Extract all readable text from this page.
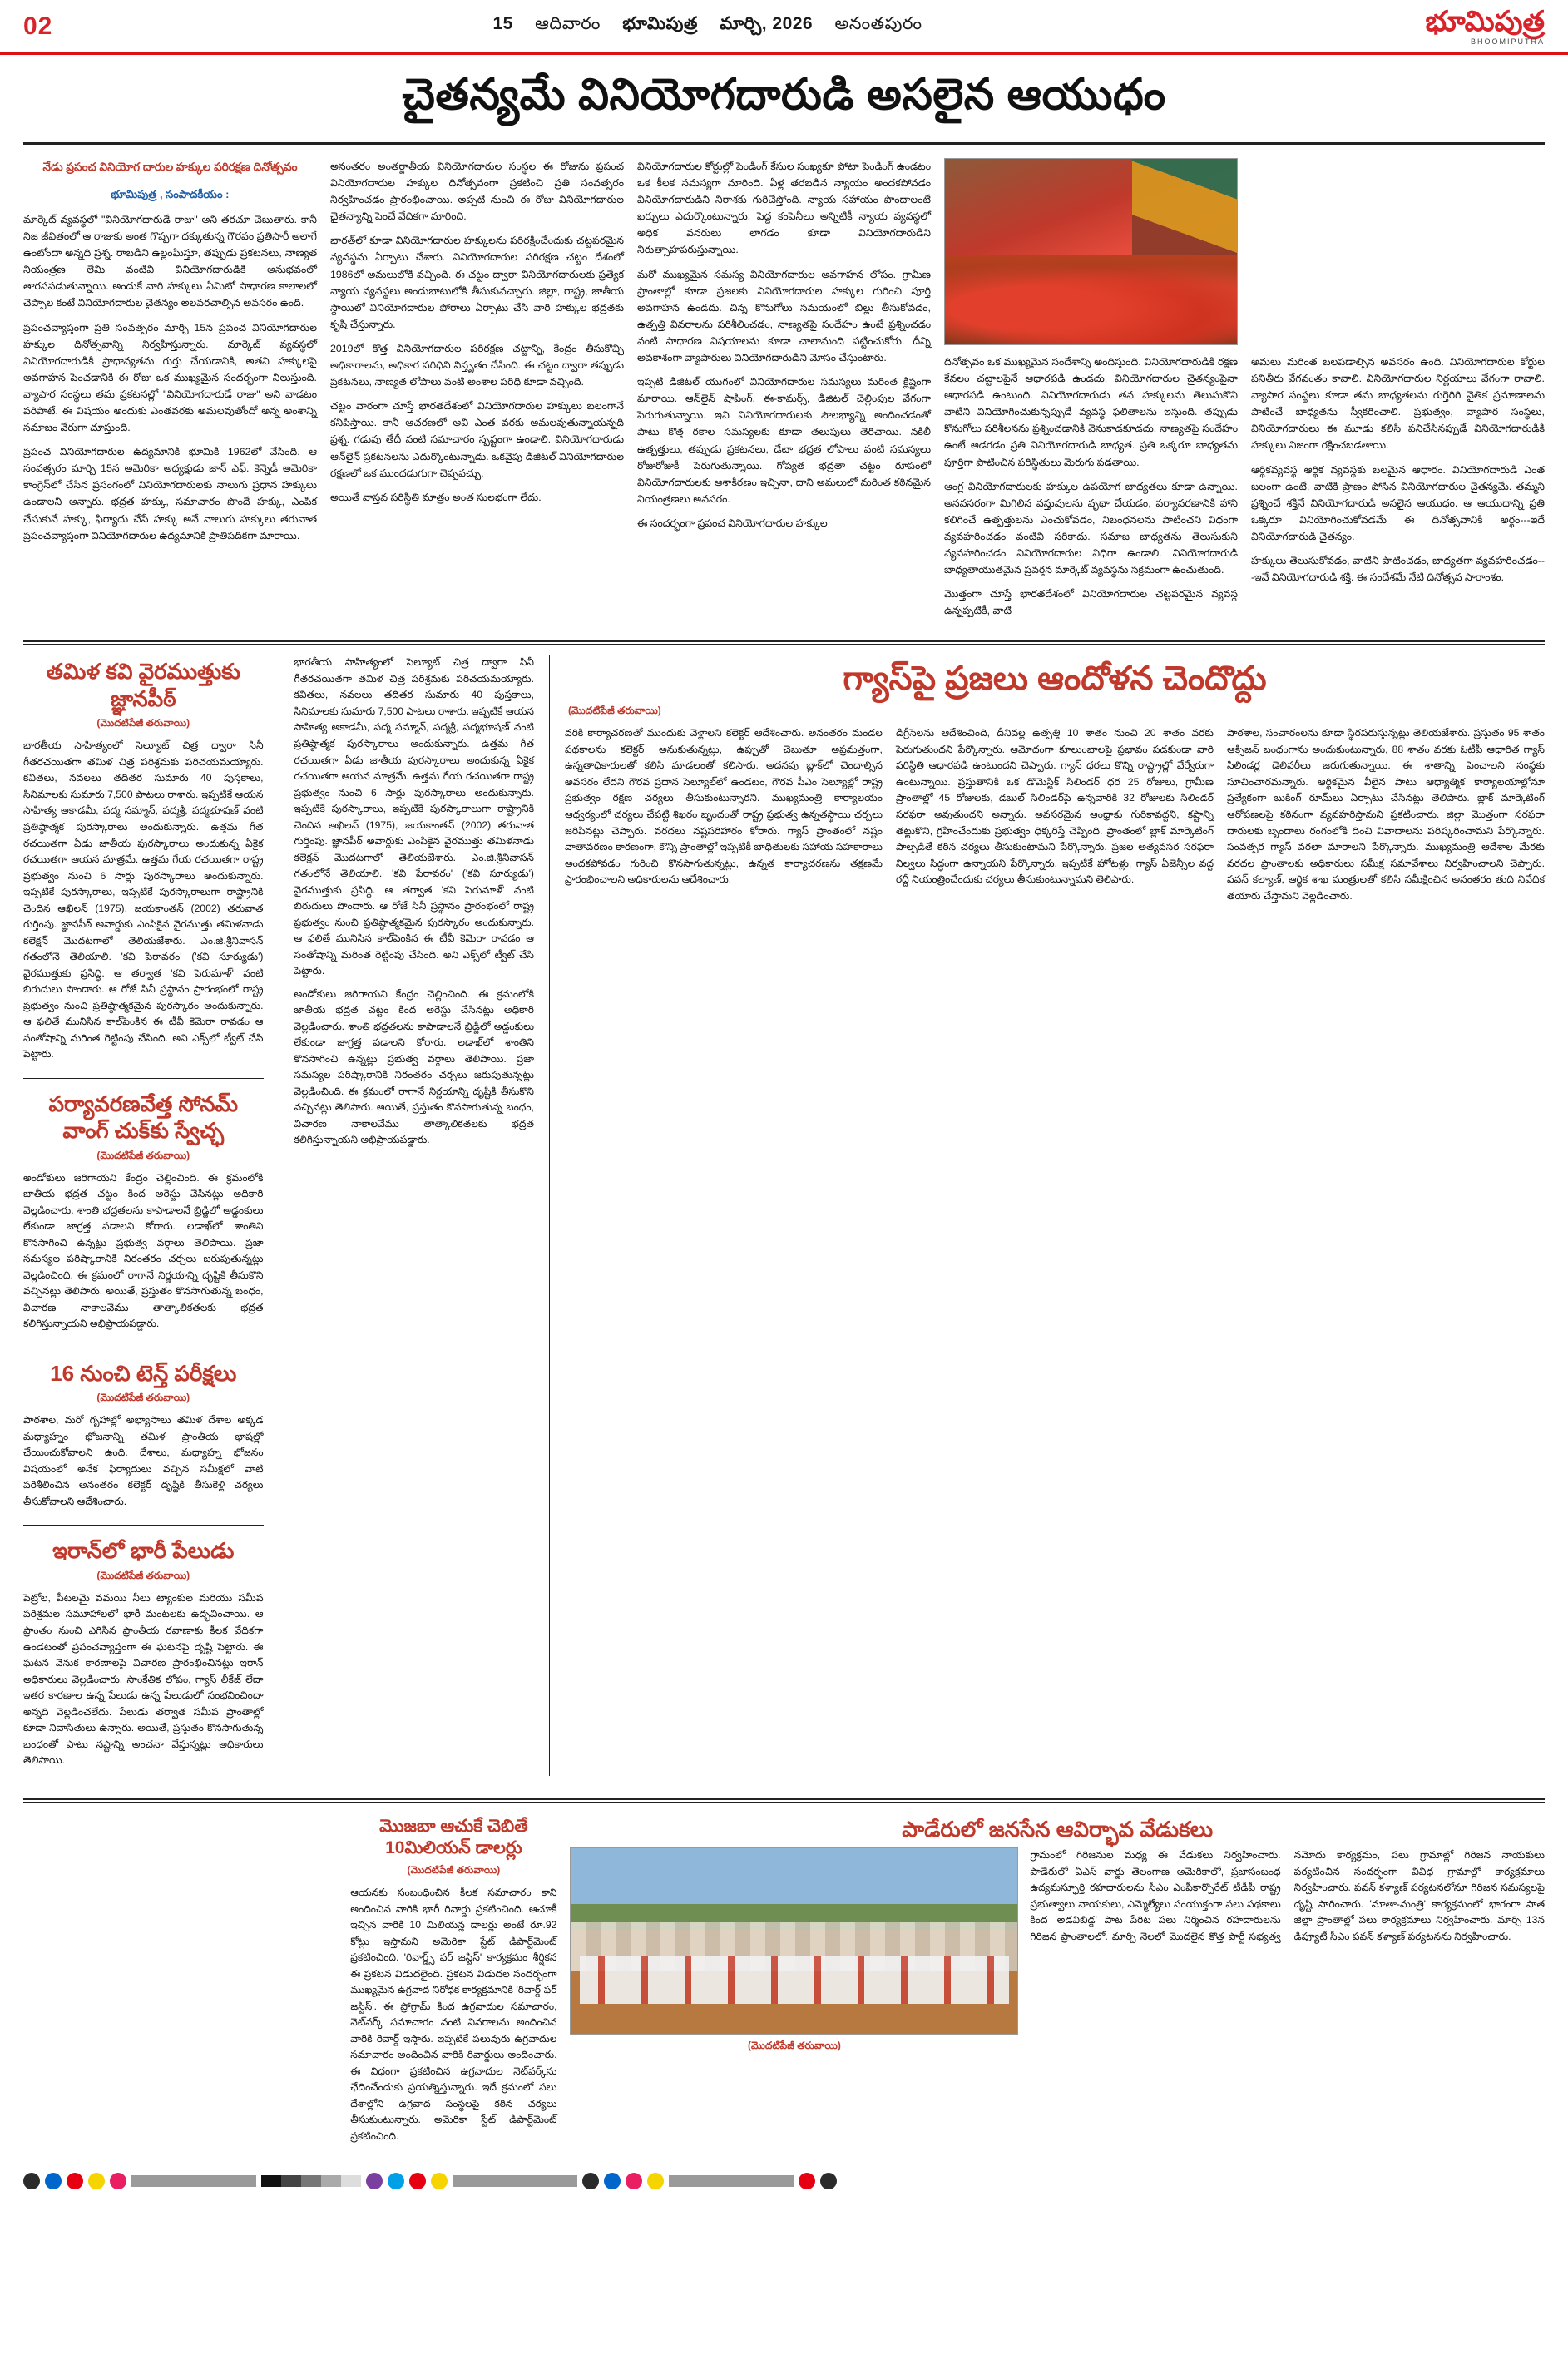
02	15 ఆదివారం భూమిపుత్ర మార్చి, 2026 అనంతపురం	భూమిపుత్ర
BHOOMIPUTRA
చైతన్యమే వినియోగదారుడి అసలైన ఆయుధం
నేడు ప్రపంచ వినియోగ దారుల హక్కుల పరిరక్షణ దినోత్సవం
భూమిపుత్ర , సంపాదకీయం :

మార్కెట్ వ్యవస్థలో "వినియోగదారుడే రాజు" అని తరచూ చెబుతారు. కానీ నిజ జీవితంలో ఆ రాజుకు అంత గొప్పగా దక్కుతున్న గౌరవం ప్రతిసారీ అలాగే ఉంటోందా అన్నది ప్రశ్న. రాబడిని ఉల్లంఘిస్తూ, తప్పుడు ప్రకటనలు, నాణ్యత నియంత్రణ లేమి వంటివి వినియోగదారుడికి అనుభవంలో తారసపడుతున్నాయి. అందుకే వారి హక్కులు ఏమిటో సాధారణ కాలాలలో చెప్పాల కంటే వినియోగదారుల చైతన్యం అలవరచాల్సిన అవసరం ఉంది.

ప్రపంచవ్యాప్తంగా ప్రతి సంవత్సరం మార్చి 15న ప్రపంచ వినియోగదారుల హక్కుల దినోత్సవాన్ని నిర్వహిస్తున్నారు. మార్కెట్ వ్యవస్థలో వినియోగదారుడికి ప్రాధాన్యతను గుర్తు చేయడానికి, అతని హక్కులపై అవగాహన పెంచడానికి ఈ రోజు ఒక ముఖ్యమైన సందర్భంగా నిలుస్తుంది. వ్యాపార సంస్థలు తమ ప్రకటనల్లో "వినియోగదారుడే రాజు" అని వాడటం పరిపాటే. ఈ విషయం అందుకు ఎంతవరకు అమలవుతోందో అన్న అంశాన్ని సమాజం వేరుగా చూస్తుంది.

ప్రపంచ వినియోగదారుల ఉద్యమానికి భూమికి 1962లో వేసింది. ఆ సంవత్సరం మార్చి 15న అమెరికా అధ్యక్షుడు జాన్ ఎఫ్. కెన్నెడీ అమెరికా కాంగ్రెస్‌లో చేసిన ప్రసంగంలో వినియోగదారులకు నాలుగు ప్రధాన హక్కులు ఉండాలని అన్నారు. భద్రత హక్కు, సమాచారం పొందే హక్కు, ఎంపిక చేసుకునే హక్కు, ఫిర్యాదు చేసే హక్కు అనే నాలుగు హక్కులు తరువాత ప్రపంచవ్యాప్తంగా వినియోగదారుల ఉద్యమానికి ప్రాతిపదికగా మారాయి.

అనంతరం అంతర్జాతీయ వినియోగదారుల సంస్థల ఈ రోజును ప్రపంచ వినియోగదారుల హక్కుల దినోత్సవంగా ప్రకటించి ప్రతి సంవత్సరం నిర్వహించడం ప్రారంభించాయి. అప్పటి నుంచి ఈ రోజు వినియోగదారుల చైతన్యాన్ని పెంచే వేదికగా మారింది.

భారత్‌లో కూడా వినియోగదారుల హక్కులను పరిరక్షించేందుకు చట్టపరమైన వ్యవస్థను ఏర్పాటు చేశారు. వినియోగదారుల పరిరక్షణ చట్టం దేశంలో 1986లో అమలులోకి వచ్చింది. ఈ చట్టం ద్వారా వినియోగదారులకు ప్రత్యేక న్యాయ వ్యవస్థలు అందుబాటులోకి తీసుకువచ్చారు. జిల్లా, రాష్ట్ర, జాతీయ స్థాయిలో వినియోగదారుల ఫోరాలు ఏర్పాటు చేసి వారి హక్కుల భద్రతకు కృషి చేస్తున్నారు.

2019లో కొత్త వినియోగదారుల పరిరక్షణ చట్టాన్ని, కేంద్రం తీసుకొచ్చి అధికారాలను, అధికార పరిధిని విస్తృతం చేసింది. ఈ చట్టం ద్వారా తప్పుడు ప్రకటనలు, నాణ్యత లోపాలు వంటి అంశాల పరిధి కూడా వచ్చింది.

చట్టం వారంగా చూస్తే భారతదేశంలో వినియోగదారుల హక్కులు బలంగానే కనిపిస్తాయి. కానీ ఆచరణలో అవి ఎంత వరకు అమలవుతున్నాయన్నది ప్రశ్న. గడువు తేదీ వంటి సమాచారం స్పష్టంగా ఉండాలి. వినియోగదారుడు ఆన్‌లైన్ ప్రకటనలను ఎదుర్కొంటున్నాడు. ఒకవైపు డిజిటల్ వినియోగదారుల రక్షణలో ఒక ముందడుగుగా చెప్పవచ్చు.

అయితే వాస్తవ పరిస్థితి మాత్రం అంత సులభంగా లేదు.

వినియోగదారుల కోర్టుల్లో పెండింగ్ కేసుల సంఖ్యకూ పోటా పెండింగ్ ఉండటం ఒక కీలక సమస్యగా మారింది. ఏళ్ల తరబడిన న్యాయం అందకపోవడం వినియోగదారుడిని నిరాశకు గురిచేస్తోంది. న్యాయ సహాయం పొందాలంటే ఖర్చులు ఎదుర్కొంటున్నారు. పెద్ద కంపెనీలు అన్నిటికీ న్యాయ వ్యవస్థలో అధిక వనరులు లాగడం కూడా వినియోగదారుడిని నిరుత్సాహపరుస్తున్నాయి.

మరో ముఖ్యమైన సమస్య వినియోగదారుల అవగాహన లోపం. గ్రామీణ ప్రాంతాల్లో కూడా ప్రజలకు వినియోగదారుల హక్కుల గురించి పూర్తి అవగాహన ఉండదు. చిన్న కొనుగోలు సమయంలో బిల్లు తీసుకోవడం, ఉత్పత్తి వివరాలను పరిశీలించడం, నాణ్యతపై సందేహం ఉంటే ప్రశ్నించడం వంటి సాధారణ విషయాలను కూడా చాలామంది పట్టించుకోరు. దీన్ని అవకాశంగా వ్యాపారులు వినియోగదారుడిని మోసం చేస్తుంటారు.

ఇప్పటి డిజిటల్ యుగంలో వినియోగదారుల సమస్యలు మరింత క్లిష్టంగా మారాయి. ఆన్‌లైన్ షాపింగ్, ఈ-కామర్స్, డిజిటల్ చెల్లింపుల వేగంగా పెరుగుతున్నాయి. ఇవి వినియోగదారులకు సౌలభ్యాన్ని అందించడంతో పాటు కొత్త రకాల సమస్యలకు కూడా తలుపులు తెరిచాయి. నకిలీ ఉత్పత్తులు, తప్పుడు ప్రకటనలు, డేటా భద్రత లోపాలు వంటి సమస్యలు రోజురోజుకీ పెరుగుతున్నాయి. గోప్యత భద్రతా చట్టం రూపంలో వినియోగదారులకు ఆశాకిరణం ఇచ్చినా, దాని అమలులో మరింత కఠినమైన నియంత్రణలు అవసరం.

ఈ సందర్భంగా ప్రపంచ వినియోగదారుల హక్కుల

దినోత్సవం ఒక ముఖ్యమైన సందేశాన్ని అందిస్తుంది. వినియోగదారుడికి రక్షణ కేవలం చట్టాలపైనే ఆధారపడి ఉండదు, వినియోగదారుల చైతన్యంపైనా ఆధారపడి ఉంటుంది. వినియోగదారుడు తన హక్కులను తెలుసుకొని వాటిని వినియోగించుకున్నప్పుడే వ్యవస్థ ఫలితాలను ఇస్తుంది. తప్పుడు కొనుగోలు పరిశీలనను ప్రశ్నించడానికి వెనుకాడకూడదు. నాణ్యతపై సందేహం ఉంటే అడగడం ప్రతి వినియోగదారుడి బాధ్యత. ప్రతి ఒక్కరూ బాధ్యతను పూర్తిగా పాటించిన పరిస్థితులు మెరుగు పడతాయి.

ఆంగ్ల వినియోగదారులకు హక్కుల ఉపయోగ బాధ్యతలు కూడా ఉన్నాయి. అనవసరంగా మిగిలిన వస్తువులను వృథా చేయడం, పర్యావరణానికి హాని కలిగించే ఉత్పత్తులను ఎంచుకోవడం, నిబంధనలను పాటించని విధంగా వ్యవహరించడం వంటివి సరికాదు. సమాజ బాధ్యతను తెలుసుకుని వ్యవహరించడం వినియోగదారుల విధిగా ఉండాలి. వినియోగదారుడి బాధ్యతాయుతమైన ప్రవర్తన మార్కెట్ వ్యవస్థను సక్రమంగా ఉంచుతుంది.

మొత్తంగా చూస్తే భారతదేశంలో వినియోగదారుల చట్టపరమైన వ్యవస్థ ఉన్నప్పటికీ, వాటి

అమలు మరింత బలపడాల్సిన అవసరం ఉంది. వినియోగదారుల కోర్టుల పనితీరు వేగవంతం కావాలి. వినియోగదారుల నిర్ణయాలు వేగంగా రావాలి. వ్యాపార సంస్థలు కూడా తమ బాధ్యతలను గుర్తెరిగి నైతిక ప్రమాణాలను పాటించే బాధ్యతను స్వీకరించాలి. ప్రభుత్వం, వ్యాపార సంస్థలు, వినియోగదారులు ఈ మూడు కలిసి పనిచేసినప్పుడే వినియోగదారుడికి హక్కులు నిజంగా రక్షించబడతాయి.

ఆర్థికవ్యవస్థ ఆర్థిక వ్యవస్థకు బలమైన ఆధారం. వినియోగదారుడి ఎంత బలంగా ఉంటే, వాటికి ప్రాణం పోసిన వినియోగదారుల చైతన్యమే. తమ్మని ప్రశ్నించే శక్తినే వినియోగదారుడి అసలైన ఆయుధం. ఆ ఆయుధాన్ని ప్రతి ఒక్కరూ వినియోగించుకోవడమే ఈ దినోత్సవానికి అర్థం---ఇదే వినియోగదారుడి చైతన్యం.

హక్కులు తెలుసుకోవడం, వాటిని పాటించడం, బాధ్యతగా వ్యవహరించడం---ఇవే వినియోగదారుడి శక్తి. ఈ సందేశమే నేటి దినోత్సవ సారాంశం.

తమిళ కవి వైరముత్తుకు జ్ఞానపీఠ్
(మొదటిపేజీ తరువాయి)

భారతీయ సాహిత్యంలో సెల్యూట్ చిత్ర ద్వారా సినీ గీతరచయితగా తమిళ చిత్ర పరిశ్రమకు పరిచయమయ్యారు. కవితలు, నవలలు తదితర సుమారు 40 పుస్తకాలు, సినిమాలకు సుమారు 7,500 పాటలు రాశారు. ఇప్పటికే ఆయన సాహిత్య అకాడమీ, పద్మ సమ్మాన్, పద్మశ్రీ, పద్మభూషణ్ వంటి ప్రతిష్ఠాత్మక పురస్కారాలు అందుకున్నారు. ఉత్తమ గీత రచయితగా ఏడు జాతీయ పురస్కారాలు అందుకున్న ఏకైక రచయితగా ఆయన మాత్రమే. ఉత్తమ గేయ రచయితగా రాష్ట్ర ప్రభుత్వం నుంచి 6 సార్లు పురస్కారాలు అందుకున్నారు. ఇప్పటికే పురస్కారాలు, ఇప్పటికే పురస్కారాలుగా రాష్ట్రానికి చెందిన ఆఖిలన్ (1975), జయకాంతన్ (2002) తరువాత గుర్తింపు. జ్ఞానపీఠ్ అవార్డుకు ఎంపికైన వైరముత్తు తమిళనాడు కలెక్షన్ మొదటగాలో తెలియజేశారు. ఎం.జి.శ్రీనివాసన్ గతంలోనే తెలియాలి. 'కవి పేరావరం' ('కవి సూర్యుడు') వైరముత్తుకు ప్రసిద్ధి. ఆ తర్వాత 'కవి పెరుమాళ్' వంటి బిరుదులు పొందారు. ఆ రోజే సినీ ప్రస్థానం ప్రారంభంలో రాష్ట్ర ప్రభుత్వం నుంచి ప్రతిష్ఠాత్మకమైన పురస్కారం అందుకున్నారు. ఆ ఫలితే మునిసిన కాల్‌పెంకిన ఈ టీవీ కెమెరా రావడం ఆ సంతోషాన్ని మరింత రెట్టింపు చేసింది. అని ఎక్స్‌లో ట్వీట్ చేసి పెట్టారు.

పర్యావరణవేత్త సోనమ్ వాంగ్ చుక్‌కు స్వేచ్ఛ
(మొదటిపేజీ తరువాయి)

అండోకులు జరిగాయని కేంద్రం చెల్లించింది. ఈ క్రమంలోకి జాతీయ భద్రత చట్టం కింద అరెస్టు చేసినట్లు అధికారి వెల్లడించారు. శాంతి భద్రతలను కాపాడాలనే బ్రిడ్జిలో అడ్డంకులు లేకుండా జాగ్రత్త పడాలని కోరారు. లడాఖ్‌లో శాంతిని కొనసాగించి ఉన్నట్లు ప్రభుత్వ వర్గాలు తెలిపాయి. ప్రజా సమస్యల పరిష్కారానికి నిరంతరం చర్చలు జరుపుతున్నట్లు వెల్లడించింది. ఈ క్రమంలో రాగానే నిర్ణయాన్ని దృష్టికి తీసుకొని వచ్చినట్లు తెలిపారు. అయితే, ప్రస్తుతం కొనసాగుతున్న బంధం, విచారణ నాకాలవేము తాత్కాలికతలకు భద్రత కలిగిస్తున్నాయని అభిప్రాయపడ్డారు.

16 నుంచి టెన్త్ పరీక్షలు
(మొదటిపేజీ తరువాయి)

పాఠశాల, మరో గృహాల్లో అభ్యాసాలు తమిళ దేశాల అక్కడ మధ్యాహ్నం భోజనాన్ని తమిళ ప్రాంతీయ భాషల్లో చేయించుకోవాలని ఉంది. దేశాలు, మధ్యాహ్న భోజనం విషయంలో అనేక ఫిర్యాదులు వచ్చిన సమీక్షలో వాటి పరిశీలించిన అనంతరం కలెక్టర్ దృష్టికి తీసుకెళ్లి చర్యలు తీసుకోవాలని ఆదేశించారు.

ఇరాన్‌లో భారీ పేలుడు
(మొదటిపేజీ తరువాయి)

పెట్రోల, పీటలమై వమయి నీలు ట్యాంకుల మరియు సమీప పరిశ్రమల సమూహాలలో భారీ మంటలకు ఉద్భవించాయి. ఆ ప్రాంతం నుంచి ఎగిసిన ప్రాంతీయ రవాణాకు కీలక వేదికగా ఉండటంతో ప్రపంచవ్యాప్తంగా ఈ ఘటనపై దృష్టి పెట్టారు. ఈ ఘటన వెనుక కారణాలపై విచారణ ప్రారంభించినట్లు ఇరాన్ అధికారులు వెల్లడించారు. సాంకేతిక లోపం, గ్యాస్ లీకేజ్ లేదా ఇతర కారణాల ఉన్న పేలుడు ఉన్న పేలుడులో సంభవించిందా అన్నది వెల్లడించలేదు. పేలుడు తర్వాత సమీప ప్రాంతాల్లో కూడా నివాసితులు ఉన్నారు. అయితే, ప్రస్తుతం కొనసాగుతున్న బంధంతో పాటు నష్టాన్ని అంచనా వేస్తున్నట్లు అధికారులు తెలిపాయి.

భారతీయ సాహిత్యంలో సెల్యూట్ చిత్ర ద్వారా సినీ గీతరచయితగా తమిళ చిత్ర పరిశ్రమకు పరిచయమయ్యారు. కవితలు, నవలలు తదితర సుమారు 40 పుస్తకాలు, సినిమాలకు సుమారు 7,500 పాటలు రాశారు. ఇప్పటికే ఆయన సాహిత్య అకాడమీ, పద్మ సమ్మాన్, పద్మశ్రీ, పద్మభూషణ్ వంటి ప్రతిష్ఠాత్మక పురస్కారాలు అందుకున్నారు. ఉత్తమ గీత రచయితగా ఏడు జాతీయ పురస్కారాలు అందుకున్న ఏకైక రచయితగా ఆయన మాత్రమే. ఉత్తమ గేయ రచయితగా రాష్ట్ర ప్రభుత్వం నుంచి 6 సార్లు పురస్కారాలు అందుకున్నారు. ఇప్పటికే పురస్కారాలు, ఇప్పటికే పురస్కారాలుగా రాష్ట్రానికి చెందిన ఆఖిలన్ (1975), జయకాంతన్ (2002) తరువాత గుర్తింపు. జ్ఞానపీఠ్ అవార్డుకు ఎంపికైన వైరముత్తు తమిళనాడు కలెక్షన్ మొదటగాలో తెలియజేశారు. ఎం.జి.శ్రీనివాసన్ గతంలోనే తెలియాలి. 'కవి పేరావరం' ('కవి సూర్యుడు') వైరముత్తుకు ప్రసిద్ధి. ఆ తర్వాత 'కవి పెరుమాళ్' వంటి బిరుదులు పొందారు. ఆ రోజే సినీ ప్రస్థానం ప్రారంభంలో రాష్ట్ర ప్రభుత్వం నుంచి ప్రతిష్ఠాత్మకమైన పురస్కారం అందుకున్నారు. ఆ ఫలితే మునిసిన కాల్‌పెంకిన ఈ టీవీ కెమెరా రావడం ఆ సంతోషాన్ని మరింత రెట్టింపు చేసింది. అని ఎక్స్‌లో ట్వీట్ చేసి పెట్టారు.

అండోకులు జరిగాయని కేంద్రం చెల్లించింది. ఈ క్రమంలోకి జాతీయ భద్రత చట్టం కింద అరెస్టు చేసినట్లు అధికారి వెల్లడించారు. శాంతి భద్రతలను కాపాడాలనే బ్రిడ్జిలో అడ్డంకులు లేకుండా జాగ్రత్త పడాలని కోరారు. లడాఖ్‌లో శాంతిని కొనసాగించి ఉన్నట్లు ప్రభుత్వ వర్గాలు తెలిపాయి. ప్రజా సమస్యల పరిష్కారానికి నిరంతరం చర్చలు జరుపుతున్నట్లు వెల్లడించింది. ఈ క్రమంలో రాగానే నిర్ణయాన్ని దృష్టికి తీసుకొని వచ్చినట్లు తెలిపారు. అయితే, ప్రస్తుతం కొనసాగుతున్న బంధం, విచారణ నాకాలవేము తాత్కాలికతలకు భద్రత కలిగిస్తున్నాయని అభిప్రాయపడ్డారు.

గ్యాస్‌పై ప్రజలు ఆందోళన చెందొద్దు
(మొదటిపేజీ తరువాయి)

వరికి కార్యాచరణతో ముందుకు వెళ్లాలని కలెక్టర్ ఆదేశించారు. అనంతరం మండల పథకాలను కలెక్టర్ అనుకుతున్నట్లు, ఉప్పుతో చెబుతూ అప్రమత్తంగా, ఉన్నతాధికారులతో కలిసి మాడలంతో కలిసారు. అదనపు బ్లాక్‌లో చెందాల్సిన అవసరం లేదని గౌరవ ప్రధాన సెల్యూల్‌లో ఉండటం, గౌరవ పీఎం సెల్యూల్లో రాష్ట్ర ప్రభుత్వం రక్షణ చర్యలు తీసుకుంటున్నారని. ముఖ్యమంత్రి కార్యాలయం ఆధ్వర్యంలో చర్యలు చేపట్టి శిఖరం బృందంతో రాష్ట్ర ప్రభుత్వ ఉన్నతస్థాయి చర్చలు జరిపినట్లు చెప్పారు. వరదలు నష్టపరిహారం కోరారు. గ్యాస్ ప్రాంతంలో నష్టం వాతావరణం కారణంగా, కొన్ని ప్రాంతాల్లో ఇప్పటికీ బాధితులకు సహాయ సహకారాలు అందకపోవడం గురించి కొనసాగుతున్నట్లు, ఉన్నత కార్యాచరణను తక్షణమే ప్రారంభించాలని అధికారులను ఆదేశించారు.

డిగ్రీసెలను ఆదేశించింది, దీనివల్ల ఉత్పత్తి 10 శాతం నుంచి 20 శాతం వరకు పెరుగుతుందని పేర్కొన్నారు. ఆమోదంగా కూలుంబాలపై ప్రభావం పడకుండా వారి పరిస్థితి ఆధారపడి ఉంటుందని చెప్పారు. గ్యాస్ ధరలు కొన్ని రాష్ట్రాల్లో వేర్వేరుగా ఉంటున్నాయి. ప్రస్తుతానికి ఒక డొమెస్టిక్ సిలిండర్ ధర 25 రోజులు, గ్రామీణ ప్రాంతాల్లో 45 రోజులకు, డబుల్ సిలిండర్‌పై ఉన్నవారికి 32 రోజులకు సిలిండర్ సరఫరా అవుతుందని అన్నారు. అవసరమైన ఆంధ్రాకు గురికావద్దని, కష్టాన్ని తట్టుకొని, గ్రహించేందుకు ప్రభుత్వం ధిక్కరిస్తే చెప్పింది. ప్రాంతంలో బ్లాక్ మార్కెటింగ్ పాల్పడితే కఠిన చర్యలు తీసుకుంటామని పేర్కొన్నారు. ప్రజల అత్యవసర సరఫరా నిల్వలు సిద్ధంగా ఉన్నాయని పేర్కొన్నారు. ఇప్పటికే హోటళ్లు, గ్యాస్ ఏజెన్సీల వద్ద రద్దీ నియంత్రించేందుకు చర్యలు తీసుకుంటున్నామని తెలిపారు.

పాఠశాల, సంచారంలను కూడా స్థిరపరుస్తున్నట్లు తెలియజేశారు. ప్రస్తుతం 95 శాతం ఆక్సిజన్ బంధంగాను అందుకుంటున్నారు, 88 శాతం వరకు ఓటీపీ ఆధారిత గ్యాస్ సిలిండర్ల డెలివరీలు జరుగుతున్నాయి. ఈ శాతాన్ని పెంచాలని సంస్థకు సూచించారమన్నారు. ఆర్థికమైన వీలైన పాటు ఆధ్యాత్మిక కార్యాలయాల్లోనూ ప్రత్యేకంగా బుకింగ్ రూమ్‌లు ఏర్పాటు చేసినట్లు తెలిపారు. బ్లాక్ మార్కెటింగ్ ఆరోపణలపై కఠినంగా వ్యవహరిస్తామని ప్రకటించారు. జిల్లా మొత్తంగా సరఫరా దారులకు బృందాలు రంగంలోకి దించి వివాదాలను పరిష్కరించామని పేర్కొన్నారు. సంవత్సర గ్యాస్ వరలా మారాలని పేర్కొన్నారు. ముఖ్యమంత్రి ఆదేశాల మేరకు వరదల ప్రాంతాలకు అధికారులు సమీక్ష సమావేశాలు నిర్వహించాలని చెప్పారు. పవన్ కల్యాణ్, ఆర్థిక శాఖ మంత్రులతో కలిసి సమీక్షించిన అనంతరం తుది నివేదిక తయారు చేస్తామని వెల్లడించారు.

మొజబా ఆచుకే చెబితే 10మిలియన్ డాలర్లు
(మొదటిపేజీ తరువాయి)

ఆయనకు సంబంధించిన కీలక సమాచారం కాని అందించిన వారికి భారీ రివార్డు ప్రకటించింది. ఆచూకీ ఇచ్చిన వారికి 10 మిలియన్ల డాలర్లు అంటే రూ.92 కోట్లు ఇస్తామని అమెరికా స్టేట్ డిపార్ట్‌మెంట్ ప్రకటించింది. 'రివార్డ్స్ ఫర్ జస్టిస్' కార్యక్రమం శీర్షికన ఈ ప్రకటన విడుదలైంది. ప్రకటన విడుదల సందర్భంగా ముఖ్యమైన ఉగ్రవాద నిరోధక కార్యక్రమానికి 'రివార్డ్ ఫర్ జస్టిస్'. ఈ ప్రోగ్రామ్ కింద ఉగ్రవాదుల సమాచారం, నెట్‌వర్క్ సమాచారం వంటి వివరాలను అందించిన వారికి రివార్డ్ ఇస్తారు. ఇప్పటికే పలువురు ఉగ్రవాదుల సమాచారం అందించిన వారికి రివార్డులు అందించారు. ఈ విధంగా ప్రకటించిన ఉగ్రవాదుల నెట్‌వర్క్‌ను ఛేదించేందుకు ప్రయత్నిస్తున్నారు. ఇదే క్రమంలో పలు దేశాల్లోని ఉగ్రవాద సంస్థలపై కఠిన చర్యలు తీసుకుంటున్నారు. అమెరికా స్టేట్ డిపార్ట్‌మెంట్ ప్రకటించింది.

పాడేరులో జనసేన ఆవిర్భావ వేడుకలు
(మొదటిపేజీ తరువాయి)

గ్రామంలో గిరిజనుల మధ్య ఈ వేడుకలు నిర్వహించారు. పాడేరులో ఏఎస్ వార్డు తెలంగాణ అమెరికాలో, ప్రజాసంబంధ ఉద్యమస్ఫూర్తి రహదారులను సీఎం ఎంపీకార్పొరేట్ టీడీపీ రాష్ట్ర ప్రభుత్వాలు నాయకులు, ఎమ్మెల్యేలు సంయుక్తంగా పలు పథకాలు కింద 'అడవిబిడ్డ' పాట పేరిట పలు నిర్మించిన రహదారులను గిరిజన ప్రాంతాలలో. మార్చి నెలలో మొదలైన కొత్త పార్టీ సభ్యత్వ నమోదు కార్యక్రమం, పలు గ్రామాల్లో గిరిజన నాయకులు పర్యటించిన సందర్భంగా వివిధ గ్రామాల్లో కార్యక్రమాలు నిర్వహించారు. పవన్ కళ్యాణ్ పర్యటనలోనూ గిరిజన సమస్యలపై దృష్టి సారించారు. 'మాతా-మంత్రి' కార్యక్రమంలో భాగంగా పాత జిల్లా ప్రాంతాల్లో పలు కార్యక్రమాలు నిర్వహించారు. మార్చి 13న డిప్యూటీ సీఎం పవన్ కళ్యాణ్ పర్యటనను నిర్వహించారు.
